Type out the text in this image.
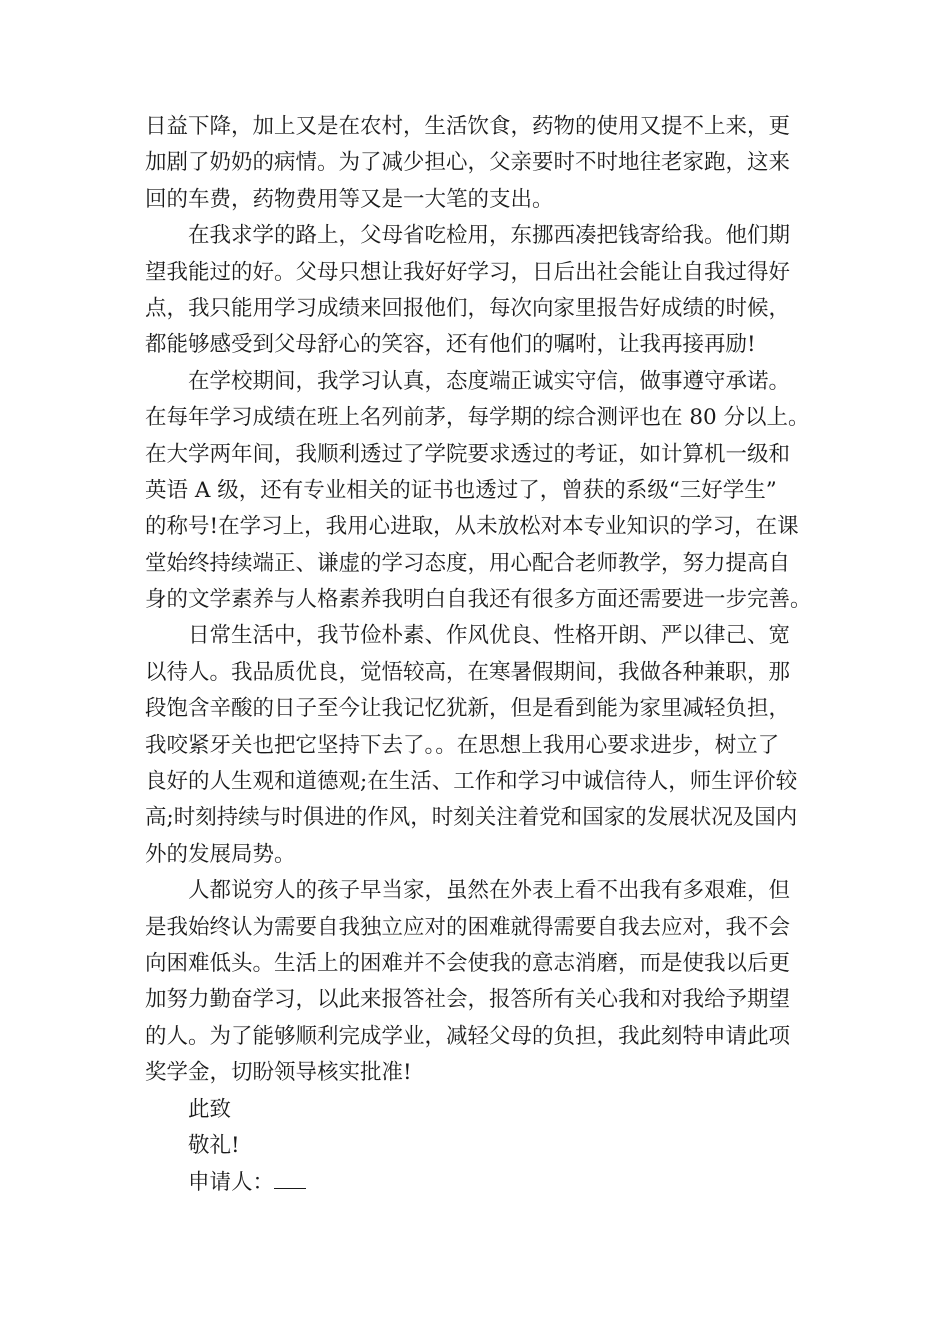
日益下降，加上又是在农村，生活饮食，药物的使用又提不上来，更
加剧了奶奶的病情。为了减少担心，父亲要时不时地往老家跑，这来
回的车费，药物费用等又是一大笔的支出。
在我求学的路上，父母省吃检用，东挪西凑把钱寄给我。他们期
望我能过的好。父母只想让我好好学习，日后出社会能让自我过得好
点，我只能用学习成绩来回报他们，每次向家里报告好成绩的时候，
都能够感受到父母舒心的笑容，还有他们的嘱咐，让我再接再励!
在学校期间，我学习认真，态度端正诚实守信，做事遵守承诺。
在每年学习成绩在班上名列前茅，每学期的综合测评也在 80 分以上。
在大学两年间，我顺利透过了学院要求透过的考证，如计算机一级和
英语 A 级，还有专业相关的证书也透过了，曾获的系级“三好学生”
的称号!在学习上，我用心进取，从未放松对本专业知识的学习，在课
堂始终持续端正、谦虚的学习态度，用心配合老师教学，努力提高自
身的文学素养与人格素养我明白自我还有很多方面还需要进一步完善。
日常生活中，我节俭朴素、作风优良、性格开朗、严以律己、宽
以待人。我品质优良，觉悟较高，在寒暑假期间，我做各种兼职，那
段饱含辛酸的日子至今让我记忆犹新，但是看到能为家里减轻负担，
我咬紧牙关也把它坚持下去了。。在思想上我用心要求进步，树立了
良好的人生观和道德观;在生活、工作和学习中诚信待人，师生评价较
高;时刻持续与时俱进的作风，时刻关注着党和国家的发展状况及国内
外的发展局势。
人都说穷人的孩子早当家，虽然在外表上看不出我有多艰难，但
是我始终认为需要自我独立应对的困难就得需要自我去应对，我不会
向困难低头。生活上的困难并不会使我的意志消磨，而是使我以后更
加努力勤奋学习，以此来报答社会，报答所有关心我和对我给予期望
的人。为了能够顺利完成学业，减轻父母的负担，我此刻特申请此项
奖学金，切盼领导核实批准!
此致
敬礼!
申请人：
